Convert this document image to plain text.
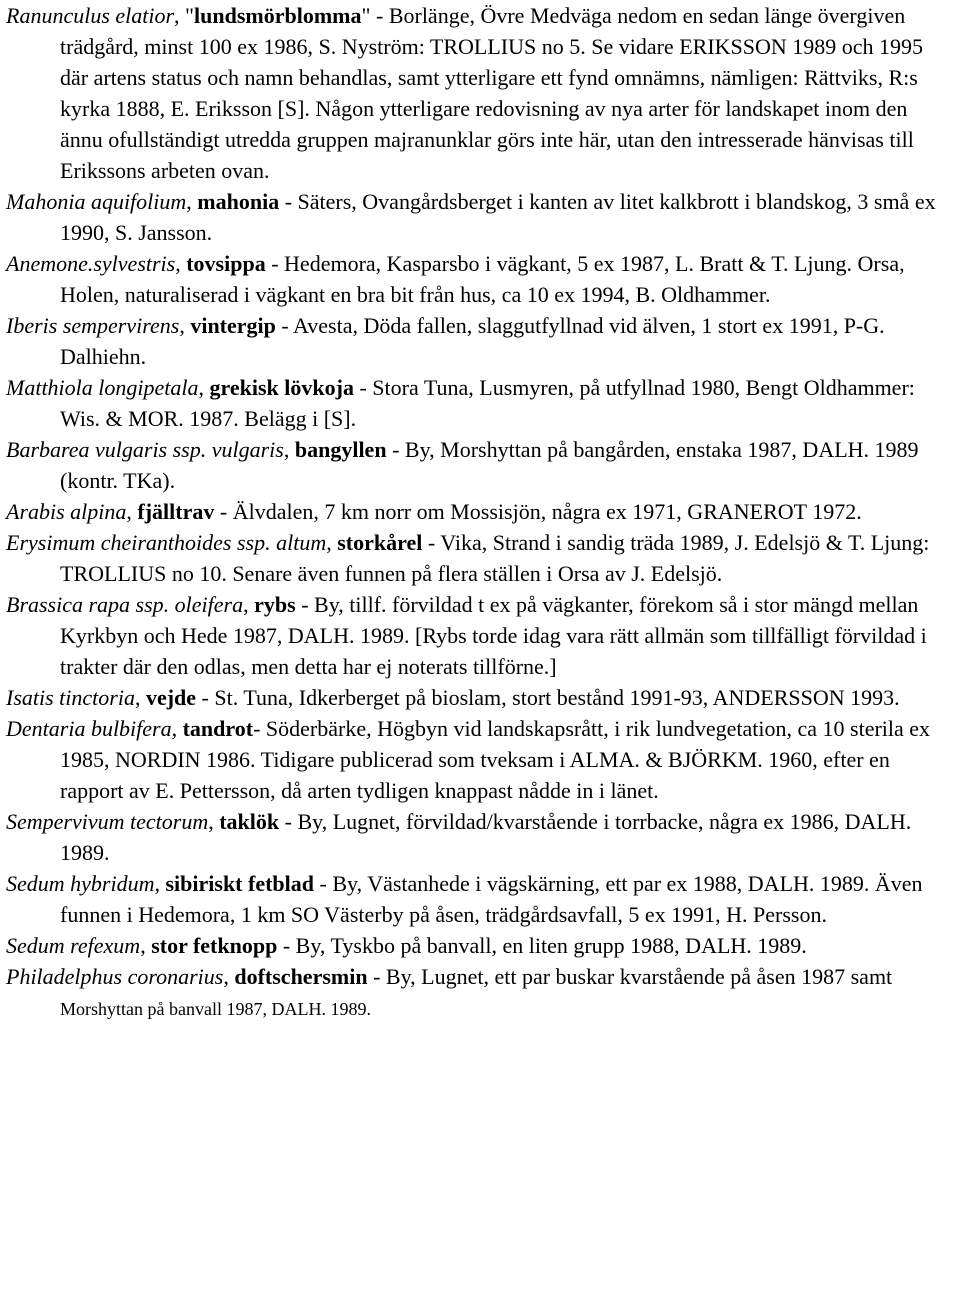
Ranunculus elatior, "lundsmörblomma" - Borlänge, Övre Medväga nedom en sedan länge övergiven trädgård, minst 100 ex 1986, S. Nyström: TROLLIUS no 5. Se vidare ERIKSSON 1989 och 1995 där artens status och namn behandlas, samt ytterligare ett fynd omnämns, nämligen: Rättviks, R:s kyrka 1888, E. Eriksson [S]. Någon ytterligare redovisning av nya arter för landskapet inom den ännu ofullständigt utredda gruppen majranunklar görs inte här, utan den intresserade hänvisas till Erikssons arbeten ovan.

Mahonia aquifolium, mahonia - Säters, Ovangårdsberget i kanten av litet kalkbrott i blandskog, 3 små ex 1990, S. Jansson.

Anemone.sylvestris, tovsippa - Hedemora, Kasparsbo i vägkant, 5 ex 1987, L. Bratt & T. Ljung. Orsa, Holen, naturaliserad i vägkant en bra bit från hus, ca 10 ex 1994, B. Oldhammer.

Iberis sempervirens, vintergip - Avesta, Döda fallen, slaggutfyllnad vid älven, 1 stort ex 1991, P-G. Dalhiehn.

Matthiola longipetala, grekisk lövkoja - Stora Tuna, Lusmyren, på utfyllnad 1980, Bengt Oldhammer: Wis. & MOR. 1987. Belägg i [S].

Barbarea vulgaris ssp. vulgaris, bangyllen - By, Morshyttan på bangården, enstaka 1987, DALH. 1989 (kontr. TKa).

Arabis alpina, fjälltrav - Älvdalen, 7 km norr om Mossisjön, några ex 1971, GRANEROT 1972.

Erysimum cheiranthoides ssp. altum, storkårel - Vika, Strand i sandig träda 1989, J. Edelsjö & T. Ljung: TROLLIUS no 10. Senare även funnen på flera ställen i Orsa av J. Edelsjö.

Brassica rapa ssp. oleifera, rybs - By, tillf. förvildad t ex på vägkanter, förekom så i stor mängd mellan Kyrkbyn och Hede 1987, DALH. 1989. [Rybs torde idag vara rätt allmän som tillfälligt förvildad i trakter där den odlas, men detta har ej noterats tillförne.]

Isatis tinctoria, vejde - St. Tuna, Idkerberget på bioslam, stort bestånd 1991-93, ANDERSSON 1993.

Dentaria bulbifera, tandrot- Söderbärke, Högbyn vid landskapsrått, i rik lundvegetation, ca 10 sterila ex 1985, NORDIN 1986. Tidigare publicerad som tveksam i ALMA. & BJÖRKM. 1960, efter en rapport av E. Pettersson, då arten tydligen knappast nådde in i länet.

Sempervivum tectorum, taklök - By, Lugnet, förvildad/kvarstående i torrbacke, några ex 1986, DALH. 1989.

Sedum hybridum, sibiriskt fetblad - By, Västanhede i vägskärning, ett par ex 1988, DALH. 1989. Även funnen i Hedemora, 1 km SO Västerby på åsen, trädgårdsavfall, 5 ex 1991, H. Persson.

Sedum refexum, stor fetknopp - By, Tyskbo på banvall, en liten grupp 1988, DALH. 1989.

Philadelphus coronarius, doftschersmin - By, Lugnet, ett par buskar kvarstående på åsen 1987 samt Morshyttan på banvall 1987, DALH. 1989.
